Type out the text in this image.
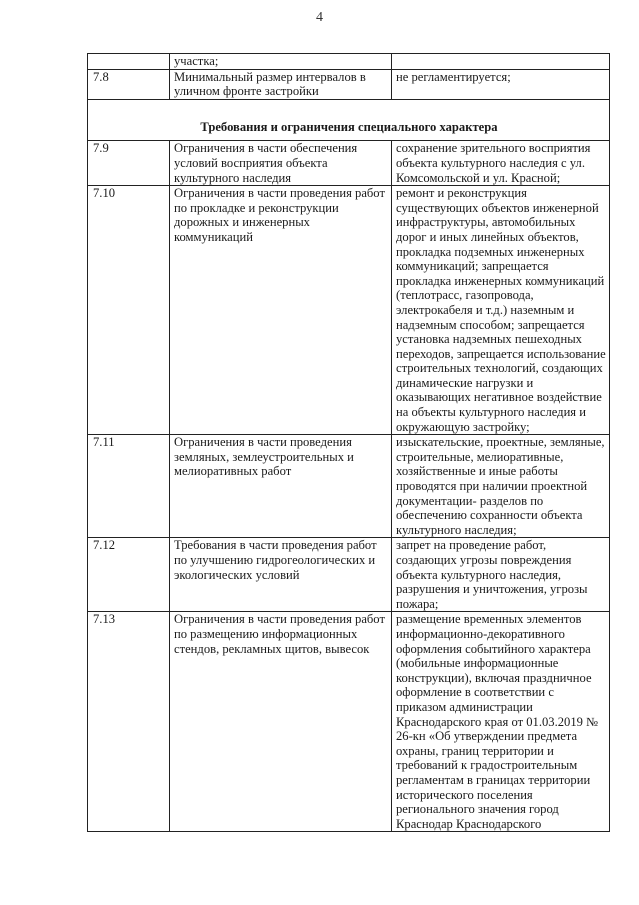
4
	участка;	
7.8	Минимальный размер интервалов в уличном фронте застройки	не регламентируется;

Требования и ограничения специального характера		
7.9	Ограничения в части обеспечения условий восприятия объекта культурного наследия	сохранение зрительного восприятия объекта культурного наследия с ул. Комсомольской и ул. Красной;
7.10	Ограничения в части проведения работ по прокладке и реконструкции дорожных и инженерных коммуникаций	ремонт и реконструкция существующих объектов инженерной инфраструктуры, автомобильных дорог и иных линейных объектов, прокладка подземных инженерных коммуникаций; запрещается прокладка инженерных коммуникаций (теплотрасс, газопровода, электрокабеля и т.д.) наземным и надземным способом; запрещается установка надземных пешеходных переходов, запрещается использование строительных технологий, создающих динамические нагрузки и оказывающих негативное воздействие на объекты культурного наследия и окружающую застройку;
7.11	Ограничения в части проведения земляных, землеустроительных и мелиоративных работ	изыскательские, проектные, земляные, строительные, мелиоративные, хозяйственные и иные работы проводятся при наличии проектной документации- разделов по обеспечению сохранности объекта культурного наследия;
7.12	Требования в части проведения работ по улучшению гидрогеологических и экологических условий	запрет на проведение работ, создающих угрозы повреждения объекта культурного наследия, разрушения и уничтожения, угрозы пожара;
7.13	Ограничения в части проведения работ по размещению информационных стендов, рекламных щитов, вывесок	размещение временных элементов информационно-декоративного оформления событийного характера (мобильные информационные конструкции), включая праздничное оформление в соответствии с приказом администрации Краснодарского края от 01.03.2019 № 26-кн «Об утверждении предмета охраны, границ территории и требований к градостроительным регламентам в границах территории исторического поселения регионального значения город Краснодар Краснодарского
